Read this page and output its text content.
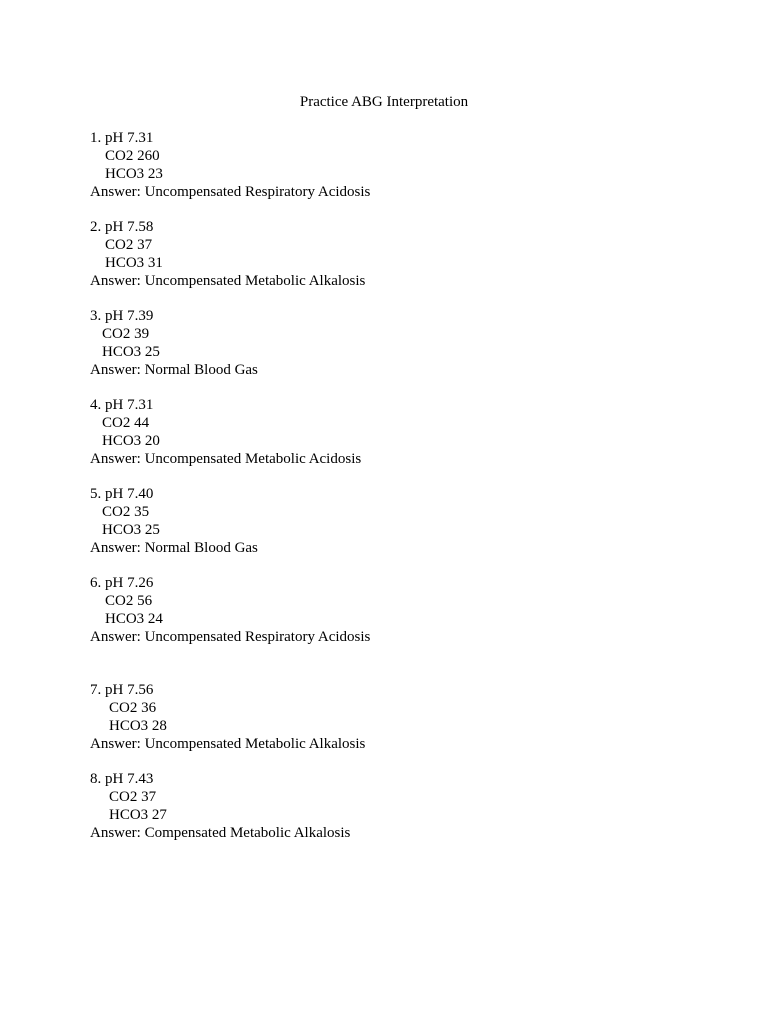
Practice ABG Interpretation
1. pH 7.31
CO2 260
HCO3 23
Answer: Uncompensated Respiratory Acidosis
2. pH 7.58
CO2 37
HCO3 31
Answer: Uncompensated Metabolic Alkalosis
3. pH 7.39
CO2 39
HCO3 25
Answer: Normal Blood Gas
4. pH 7.31
CO2 44
HCO3 20
Answer: Uncompensated Metabolic Acidosis
5. pH 7.40
CO2 35
HCO3 25
Answer: Normal Blood Gas
6. pH 7.26
CO2 56
HCO3 24
Answer: Uncompensated Respiratory Acidosis
7. pH 7.56
CO2 36
HCO3 28
Answer: Uncompensated Metabolic Alkalosis
8. pH 7.43
CO2 37
HCO3 27
Answer: Compensated Metabolic Alkalosis
